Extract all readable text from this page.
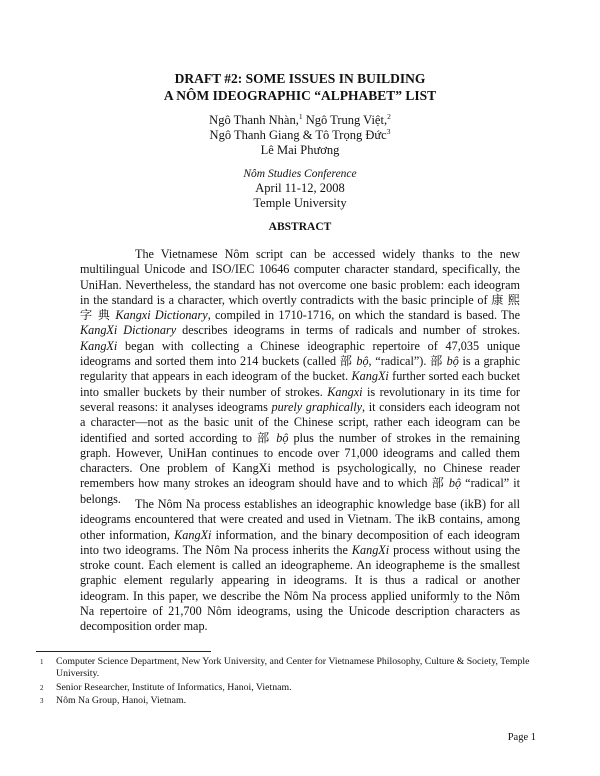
DRAFT #2: SOME ISSUES IN BUILDING
A NÔM IDEOGRAPHIC “ALPHABET” LIST
Ngô Thanh Nhàn,$^1$ Ngô Trung Việt,$^2$
Ngô Thanh Giang & Tô Trọng Đức$^3$
Lê Mai Phương
Nôm Studies Conference
April 11-12, 2008
Temple University
ABSTRACT

The Vietnamese Nôm script can be accessed widely thanks to the new multilingual Unicode and ISO/IEC 10646 computer character standard, specifically, the UniHan. Nevertheless, the standard has not overcome one basic problem: each ideogram in the standard is a character, which overtly contradicts with the basic principle of 康 熙 字 典 Kangxi Dictionary, compiled in 1710-1716, on which the standard is based. The KangXi Dictionary describes ideograms in terms of radicals and number of strokes. KangXi began with collecting a Chinese ideographic repertoire of 47,035 unique ideograms and sorted them into 214 buckets (called 部 bộ, “radical”). 部 bộ is a graphic regularity that appears in each ideogram of the bucket. KangXi further sorted each bucket into smaller buckets by their number of strokes. Kangxi is revolutionary in its time for several reasons: it analyses ideograms purely graphically, it considers each ideogram not a character—not as the basic unit of the Chinese script, rather each ideogram can be identified and sorted according to 部 bộ plus the number of strokes in the remaining graph. However, UniHan continues to encode over 71,000 ideograms and called them characters. One problem of KangXi method is psychologically, no Chinese reader remembers how many strokes an ideogram should have and to which 部 bộ “radical” it belongs.	The Nôm Na process establishes an ideographic knowledge base (ikB) for all ideograms encountered that were created and used in Vietnam. The ikB contains, among other information, KangXi information, and the binary decomposition of each ideogram into two ideograms. The Nôm Na process inherits the KangXi process without using the stroke count. Each element is called an ideographeme. An ideographeme is the smallest graphic element regularly appearing in ideograms. It is thus a radical or another ideogram. In this paper, we describe the Nôm Na process applied uniformly to the Nôm Na repertoire of 21,700 Nôm ideograms, using the Unicode description characters as decomposition order map.

1 Computer Science Department, New York University, and Center for Vietnamese Philosophy, Culture & Society, Temple University.
2 Senior Researcher, Institute of Informatics, Hanoi, Vietnam.
3 Nôm Na Group, Hanoi, Vietnam.
Page 1
